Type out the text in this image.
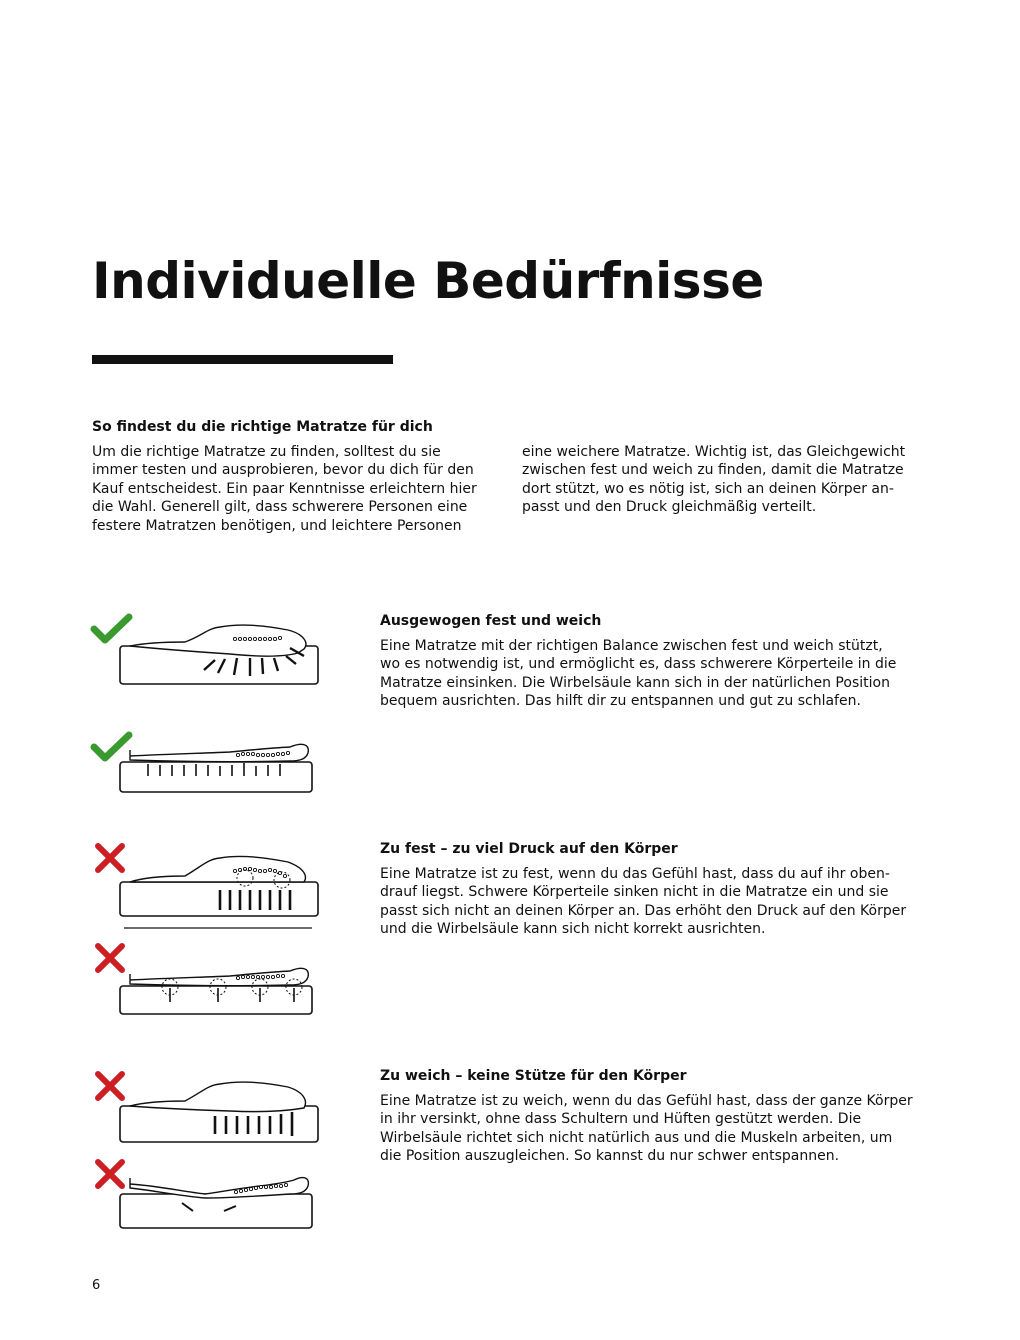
Individuelle Bedürfnisse
So findest du die richtige Matratze für dich
Um die richtige Matratze zu finden, solltest du sie
immer testen und ausprobieren, bevor du dich für den
Kauf entscheidest. Ein paar Kenntnisse erleichtern hier
die Wahl. Generell gilt, dass schwerere Personen eine
festere Matratzen benötigen, und leichtere Personen
eine weichere Matratze. Wichtig ist, das Gleichgewicht
zwischen fest und weich zu finden, damit die Matratze
dort stützt, wo es nötig ist, sich an deinen Körper an-
passt und den Druck gleichmäßig verteilt.
Ausgewogen fest und weich
Eine Matratze mit der richtigen Balance zwischen fest und weich stützt,
wo es notwendig ist, und ermöglicht es, dass schwerere Körperteile in die
Matratze einsinken. Die Wirbelsäule kann sich in der natürlichen Position
bequem ausrichten. Das hilft dir zu entspannen und gut zu schlafen.
Zu fest – zu viel Druck auf den Körper
Eine Matratze ist zu fest, wenn du das Gefühl hast, dass du auf ihr oben-
drauf liegst. Schwere Körperteile sinken nicht in die Matratze ein und sie
passt sich nicht an deinen Körper an. Das erhöht den Druck auf den Körper
und die Wirbelsäule kann sich nicht korrekt ausrichten.
Zu weich – keine Stütze für den Körper
Eine Matratze ist zu weich, wenn du das Gefühl hast, dass der ganze Körper
in ihr versinkt, ohne dass Schultern und Hüften gestützt werden. Die
Wirbelsäule richtet sich nicht natürlich aus und die Muskeln arbeiten, um
die Position auszugleichen. So kannst du nur schwer entspannen.
6
